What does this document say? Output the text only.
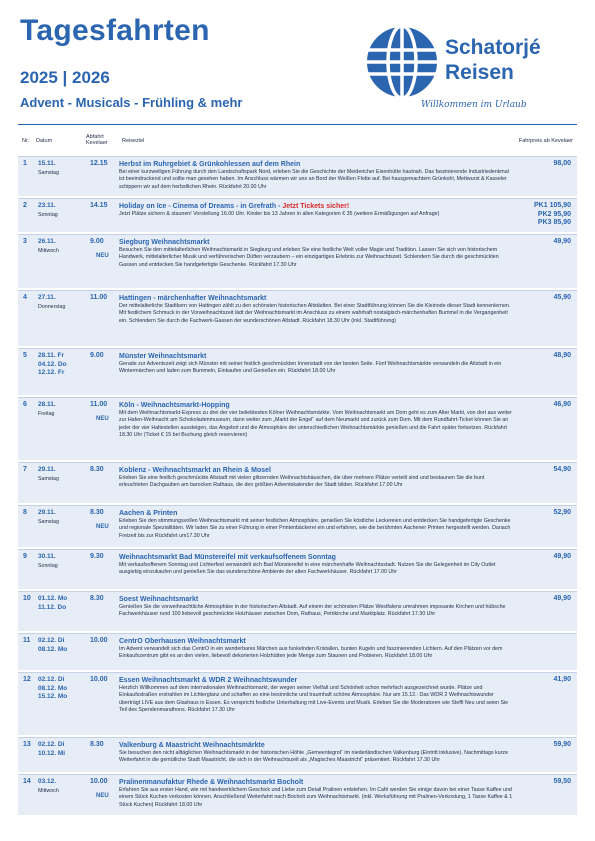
Tagesfahrten
2025 | 2026
Advent - Musicals - Frühling & mehr
Schatorjé
Reisen
Willkommen im Urlaub
Nr. Datum
Abfahrt Kevelaer	Reiseziel	Fahrpreis ab Kevelaer
1 15.11.
Samstag
12.15 Herbst im Ruhrgebiet & Grünkohlessen auf dem Rhein
Bei einer kurzweiligen Führung durch den Landschaftspark Nord, erleben Sie die Geschichte der Meidericher Eisenhütte hautnah. Das faszinierende Industriedenkmal ist beeindruckend und sollte man gesehen haben. Im Anschluss wärmen wir uns an Bord der Weißen Flotte auf. Bei hausgemachtem Grünkohl, Mettwurst & Kasseler schippern wir auf dem herbstlichen Rhein. Rückfahrt 20.00 Uhr
98,00
2 23.11.
Sonntag
14.15 Holiday on Ice - Cinema of Dreams - in Grefrath - Jetzt Tickets sicher!
Jetzt Plätze sichern & staunen! Vorstellung 16.00 Uhr. Kinder bis 13 Jahren in allen Kategorien € 35 (weitere Ermäßigungen auf Anfrage)
PK1 105,90
PK2 95,90
PK3 85,90
3 26.11.
Mittwoch
9.00
NEU
Siegburg Weihnachtsmarkt
Besuchen Sie den mittelalterlichen Weihnachtsmarkt in Siegburg und erleben Sie eine festliche Welt voller Magie und Tradition. Lassen Sie sich von historischem Handwerk, mittelalterlicher Musik und verführerischen Düften verzaubern – ein einzigartiges Erlebnis zur Weihnachtszeit. Schlendern Sie durch die geschmückten Gassen und entdecken Sie handgefertigte Geschenke. Rückfahrt 17.30 Uhr
49,90
4 27.11.
Donnerstag
11.00 Hattingen - märchenhafter Weihnachtsmarkt
Der mittelalterliche Stadtkern von Hattingen zählt zu den schönsten historischen Altstädten. Bei einer Stadtführung können Sie die Kleinode dieser Stadt kennenlernen. Mit festlichem Schmuck in der Vorweihnachtszeit lädt der Weihnachtsmarkt im Anschluss zu einem wahrhaft nostalgisch-märchenhaften Bummel in die Vergangenheit ein. Schlendern Sie durch die Fachwerk-Gassen der wunderschönen Altstadt. Rückfahrt 18.30 Uhr (inkl. Stadtführung)
45,90
5 28.11. Fr
04.12. Do
12.12. Fr
9.00 Münster Weihnachtsmarkt
Gerade zur Adventszeit zeigt sich Münster mit seiner festlich geschmückten Innenstadt von der besten Seite. Fünf Weihnachtsmärkte verwandeln die Altstadt in ein Wintermärchen und laden zum Bummeln, Einkaufen und Genießen ein. Rückfahrt 18.00 Uhr
48,90
6 28.11.
Freitag
11.00
NEU
Köln - Weihnachtsmarkt-Hopping
Mit dem Weihnachtsmarkt-Express zu drei der vier beliebtesten Kölner Weihnachtsmärkte. Vom Weihnachtsmarkt am Dom geht es zum Alter Markt, von dort aus weiter zur Hafen-Weihnacht am Schokoladenmuseum, dann weiter zum „Markt der Engel“ auf dem Neumarkt und zurück zum Dom. Mit dem Rundfahrt-Ticket können Sie an jeder der vier Haltestellen aussteigen, das Angebot und die Atmosphäre der unterschiedlichen Weihnachtsmärkte genießen und die Fahrt später fortsetzen. Rückfahrt 18.30 Uhr (Ticket € 15 bei Buchung gleich reservieren)
46,90
7 29.11.
Samstag
8.30 Koblenz - Weihnachtsmarkt an Rhein & Mosel
Erleben Sie eine festlich geschmückte Altstadt mit vielen glitzernden Weihnachtshäuschen, die über mehrere Plätze verteilt sind und bestaunen Sie die bunt erleuchteten Dachgauben am barocken Rathaus, die den größten Adventskalender der Stadt bilden. Rückfahrt 17.00 Uhr
54,90
8 29.11.
Samstag
8.30
NEU
Aachen & Printen
Erleben Sie den stimmungsvollen Weihnachtsmarkt mit seiner festlichen Atmosphäre, genießen Sie köstliche Leckereien und entdecken Sie handgefertigte Geschenke und regionale Spezialitäten. Wir laden Sie zu einer Führung in einer Printenbäckerei ein und erfahren, wie die berühmten Aachener Printen hergestellt werden. Danach Freizeit bis zur Rückfahrt um17.30 Uhr
52,90
9 30.11.
Sonntag
9.30 Weihnachtsmarkt Bad Münstereifel mit verkaufsoffenem Sonntag
Mit verkaufsoffenem Sonntag und Lichterfest verwandelt sich Bad Münstereifel in eine märchenhafte Weihnachtsstadt. Nutzen Sie die Gelegenheit im City Outlet ausgiebig einzukaufen und genießen Sie das wunderschöne Ambiente der alten Fachwerkhäuser. Rückfahrt 17.00 Uhr
49,90
10 01.12. Mo
11.12. Do
8.30 Soest Weihnachtsmarkt
Genießen Sie die vorweihnachtliche Atmosphäre in der historischen Altstadt. Auf einem der schönsten Plätze Westfalens umrahmen imposante Kirchen und hübsche Fachwerkhäuser rund 100 liebevoll geschmückte Holzhäuser zwischen Dom, Rathaus, Petrikirche und Marktplatz. Rückfahrt 17.30 Uhr
49,90
11 02.12. Di
08.12. Mo
10.00 CentrO Oberhausen Weihnachtsmarkt
Im Advent verwandelt sich das CentrO in ein wunderbares Märchen aus funkelnden Kristallen, bunten Kugeln und faszinierenden Lichtern. Auf den Plätzen vor dem Einkaufszentrum gibt es an den vielen, liebevoll dekorierten Holzhütten jede Menge zum Staunen und Probieren. Rückfahrt 18.00 Uhr
12 02.12. Di
08.12. Mo
15.12. Mo
10.00 Essen Weihnachtsmarkt & WDR 2 Weihnachtswunder
Herzlich Willkommen auf dem internationalen Weihnachtsmarkt, der wegen seiner Vielfalt und Schönheit schon mehrfach ausgezeichnet wurde. Plätze und Einkaufsstraßen erstrahlen im Lichterglanz und schaffen so eine besinnliche und traumhaft schöne Atmosphäre. Nur am 15.12.: Das WDR 2 Weihnachtswunder überträgt LIVE aus dem Glashaus in Essen. Es verspricht festliche Unterhaltung mit Live-Events und Musik. Erleben Sie die Moderatoren wie Steffi Neu und seien Sie Teil des Spendenmarathons. Rückfahrt 17.30 Uhr
41,90
13 02.12. Di
10.12. Mi
8.30 Valkenburg & Maastricht Weihnachtsmärkte
Sie besuchen den nicht alltäglichen Weihnachtsmarkt in der historischen Höhle „Gemeentegrot“ im niederländischen Valkenburg (Eintritt inklusive). Nachmittags kurze Weiterfahrt in die gemütliche Stadt Maastricht, die sich in der Weihnachtszeit als „Magisches Maastricht“ präsentiert. Rückfahrt 17.30 Uhr
59,90
14 03.12.
Mittwoch
10.00
NEU
Pralinenmanufaktur Rhede & Weihnachtsmarkt Bocholt
Erfahren Sie aus erster Hand, wie mit handwerklichem Geschick und Liebe zum Detail Pralinen entstehen. Im Café werden Sie einige davon bei einer Tasse Kaffee und einem Stück Kuchen verkosten können. Anschließend Weiterfahrt nach Bocholt zum Weihnachtsmarkt. (inkl. Werksführung mit Pralinen-Verkostung, 1 Tasse Kaffee & 1 Stück Kuchen) Rückfahrt 18.00 Uhr
59,50
